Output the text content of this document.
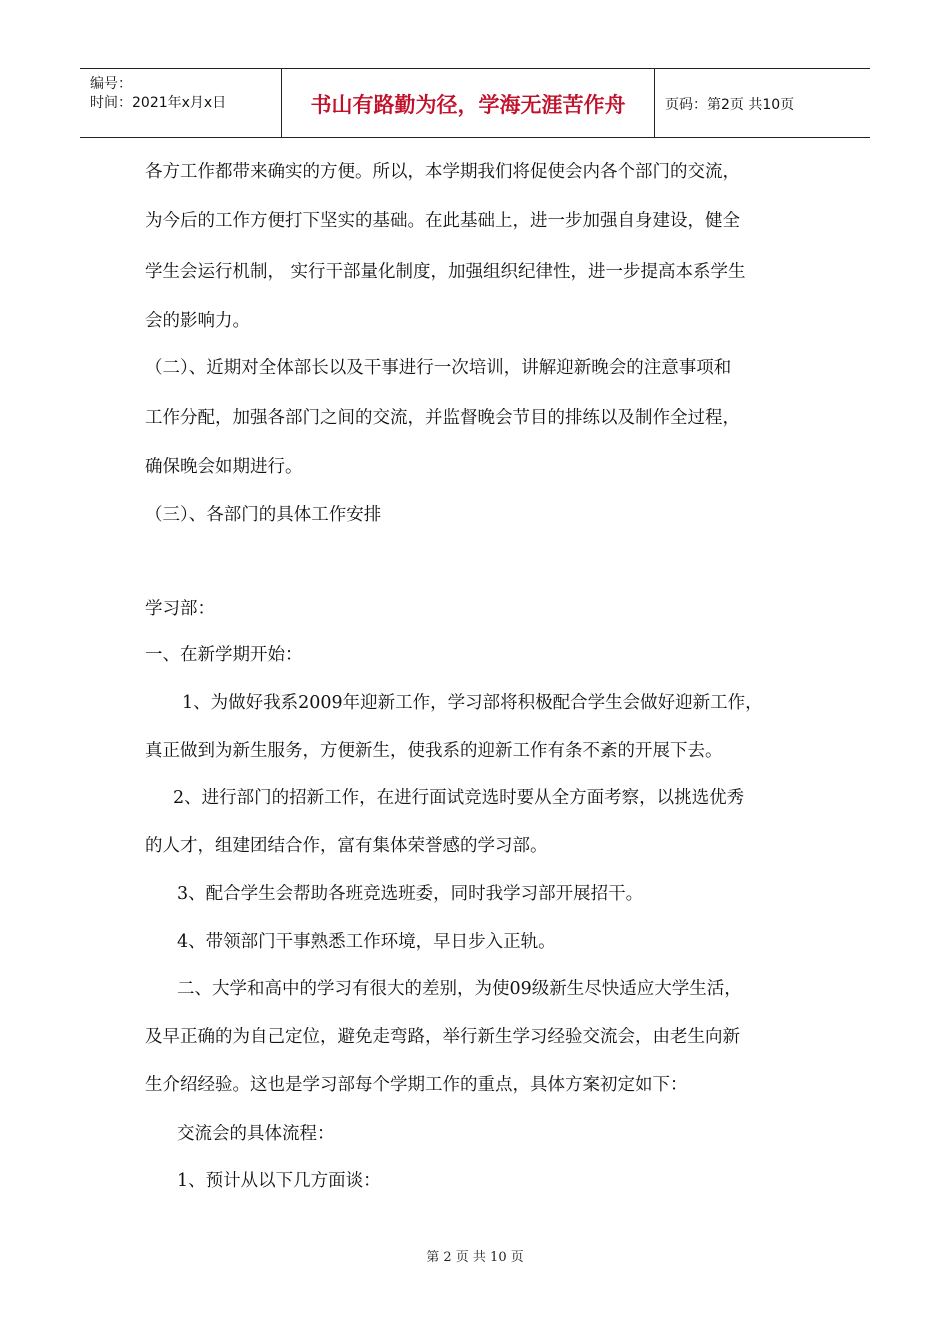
编号：
时间：2021年x月x日	书山有路勤为径，学海无涯苦作舟	页码：第2页 共10页
各方工作都带来确实的方便。所以，本学期我们将促使会内各个部门的交流，
为今后的工作方便打下坚实的基础。在此基础上，进一步加强自身建设，健全
学生会运行机制， 实行干部量化制度，加强组织纪律性，进一步提高本系学生
会的影响力。
（二）、近期对全体部长以及干事进行一次培训，讲解迎新晚会的注意事项和
工作分配，加强各部门之间的交流，并监督晚会节目的排练以及制作全过程，
确保晚会如期进行。
（三）、各部门的具体工作安排
学习部：
一、在新学期开始：
1、为做好我系2009年迎新工作，学习部将积极配合学生会做好迎新工作，
真正做到为新生服务，方便新生，使我系的迎新工作有条不紊的开展下去。
2、进行部门的招新工作，在进行面试竞选时要从全方面考察，以挑选优秀
的人才，组建团结合作，富有集体荣誉感的学习部。
3、配合学生会帮助各班竞选班委，同时我学习部开展招干。
4、带领部门干事熟悉工作环境，早日步入正轨。
二、大学和高中的学习有很大的差别，为使09级新生尽快适应大学生活，
及早正确的为自己定位，避免走弯路，举行新生学习经验交流会，由老生向新
生介绍经验。这也是学习部每个学期工作的重点，具体方案初定如下：
交流会的具体流程：
1、预计从以下几方面谈：
第 2 页 共 10 页
